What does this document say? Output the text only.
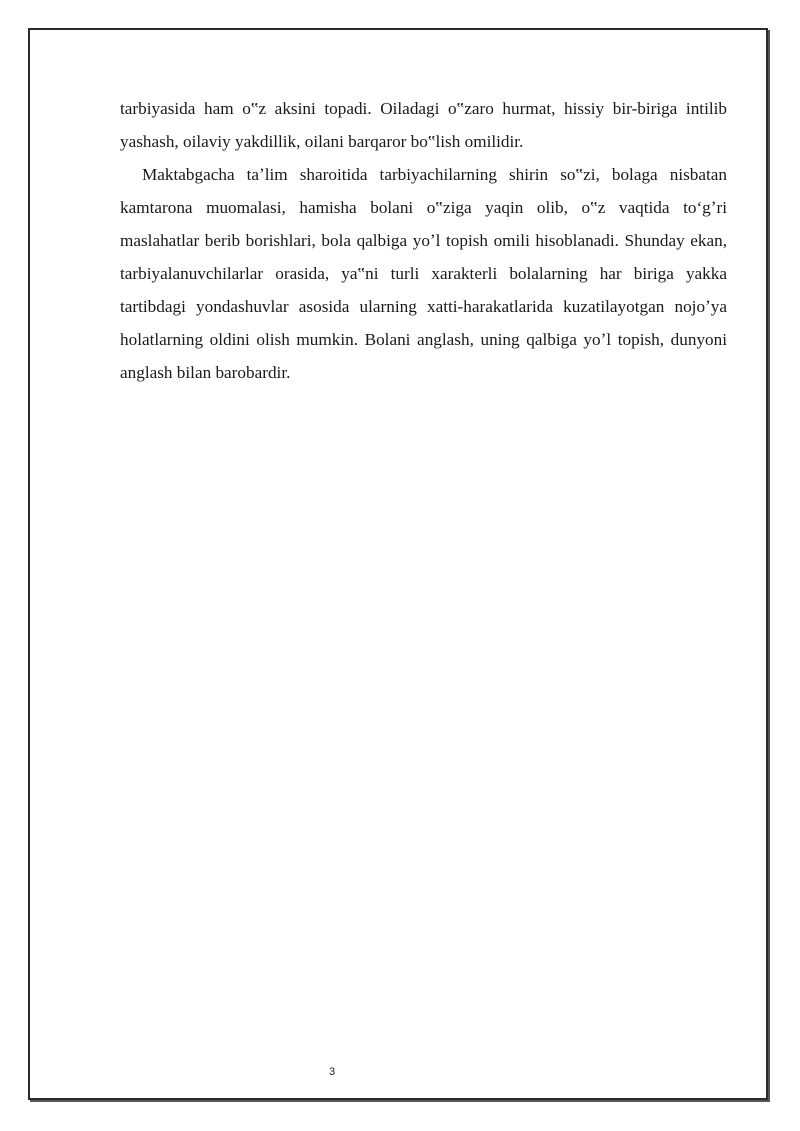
tarbiyasida ham o‟z aksini topadi. Oiladagi o‟zaro hurmat, hissiy bir-biriga intilib yashash, oilaviy yakdillik, oilani barqaror bo‟lish omilidir.

Maktabgacha taʼlim sharoitida tarbiyachilarning shirin so‟zi, bolaga nisbatan kamtarona muomalasi, hamisha bolani o‟ziga yaqin olib, o‟z vaqtida toʻgʼri maslahatlar berib borishlari, bola qalbiga yoʼl topish omili hisoblanadi. Shunday ekan, tarbiyalanuvchilarlar orasida, ya‟ni turli xarakterli bolalarning har biriga yakka tartibdagi yondashuvlar asosida ularning xatti-harakatlarida kuzatilayotgan nojoʼya holatlarning oldini olish mumkin. Bolani anglash, uning qalbiga yoʼl topish, dunyoni anglash bilan barobardir.

3
